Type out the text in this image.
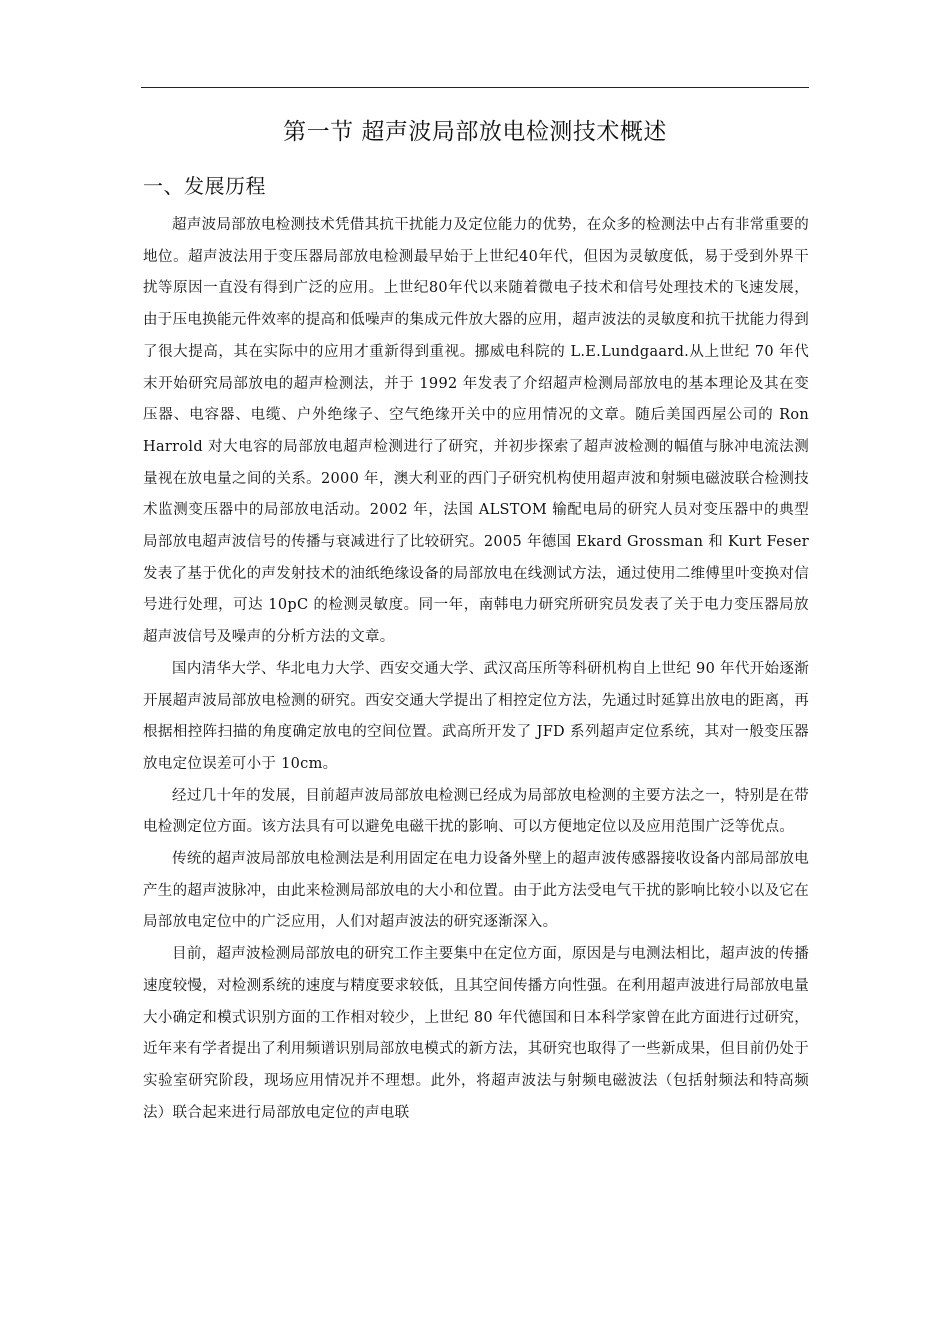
第一节 超声波局部放电检测技术概述
一、发展历程

超声波局部放电检测技术凭借其抗干扰能力及定位能力的优势，在众多的检测法中占有非常重要的地位。超声波法用于变压器局部放电检测最早始于上世纪40年代，但因为灵敏度低，易于受到外界干扰等原因一直没有得到广泛的应用。上世纪80年代以来随着微电子技术和信号处理技术的飞速发展，由于压电换能元件效率的提高和低噪声的集成元件放大器的应用，超声波法的灵敏度和抗干扰能力得到了很大提高，其在实际中的应用才重新得到重视。挪威电科院的 L.E.Lundgaard.从上世纪 70 年代末开始研究局部放电的超声检测法，并于 1992 年发表了介绍超声检测局部放电的基本理论及其在变压器、电容器、电缆、户外绝缘子、空气绝缘开关中的应用情况的文章。随后美国西屋公司的 Ron Harrold 对大电容的局部放电超声检测进行了研究，并初步探索了超声波检测的幅值与脉冲电流法测量视在放电量之间的关系。2000 年，澳大利亚的西门子研究机构使用超声波和射频电磁波联合检测技术监测变压器中的局部放电活动。2002 年，法国 ALSTOM 输配电局的研究人员对变压器中的典型局部放电超声波信号的传播与衰减进行了比较研究。2005 年德国 Ekard Grossman 和 Kurt Feser 发表了基于优化的声发射技术的油纸绝缘设备的局部放电在线测试方法，通过使用二维傅里叶变换对信号进行处理，可达 10pC 的检测灵敏度。同一年，南韩电力研究所研究员发表了关于电力变压器局放超声波信号及噪声的分析方法的文章。

国内清华大学、华北电力大学、西安交通大学、武汉高压所等科研机构自上世纪 90 年代开始逐渐开展超声波局部放电检测的研究。西安交通大学提出了相控定位方法，先通过时延算出放电的距离，再根据相控阵扫描的角度确定放电的空间位置。武高所开发了 JFD 系列超声定位系统，其对一般变压器放电定位误差可小于 10cm。

经过几十年的发展，目前超声波局部放电检测已经成为局部放电检测的主要方法之一，特别是在带电检测定位方面。该方法具有可以避免电磁干扰的影响、可以方便地定位以及应用范围广泛等优点。

传统的超声波局部放电检测法是利用固定在电力设备外壁上的超声波传感器接收设备内部局部放电产生的超声波脉冲，由此来检测局部放电的大小和位置。由于此方法受电气干扰的影响比较小以及它在局部放电定位中的广泛应用，人们对超声波法的研究逐渐深入。

目前，超声波检测局部放电的研究工作主要集中在定位方面，原因是与电测法相比，超声波的传播速度较慢，对检测系统的速度与精度要求较低，且其空间传播方向性强。在利用超声波进行局部放电量大小确定和模式识别方面的工作相对较少，上世纪 80 年代德国和日本科学家曾在此方面进行过研究，近年来有学者提出了利用频谱识别局部放电模式的新方法，其研究也取得了一些新成果，但目前仍处于实验室研究阶段，现场应用情况并不理想。此外，将超声波法与射频电磁波法（包括射频法和特高频法）联合起来进行局部放电定位的声电联
